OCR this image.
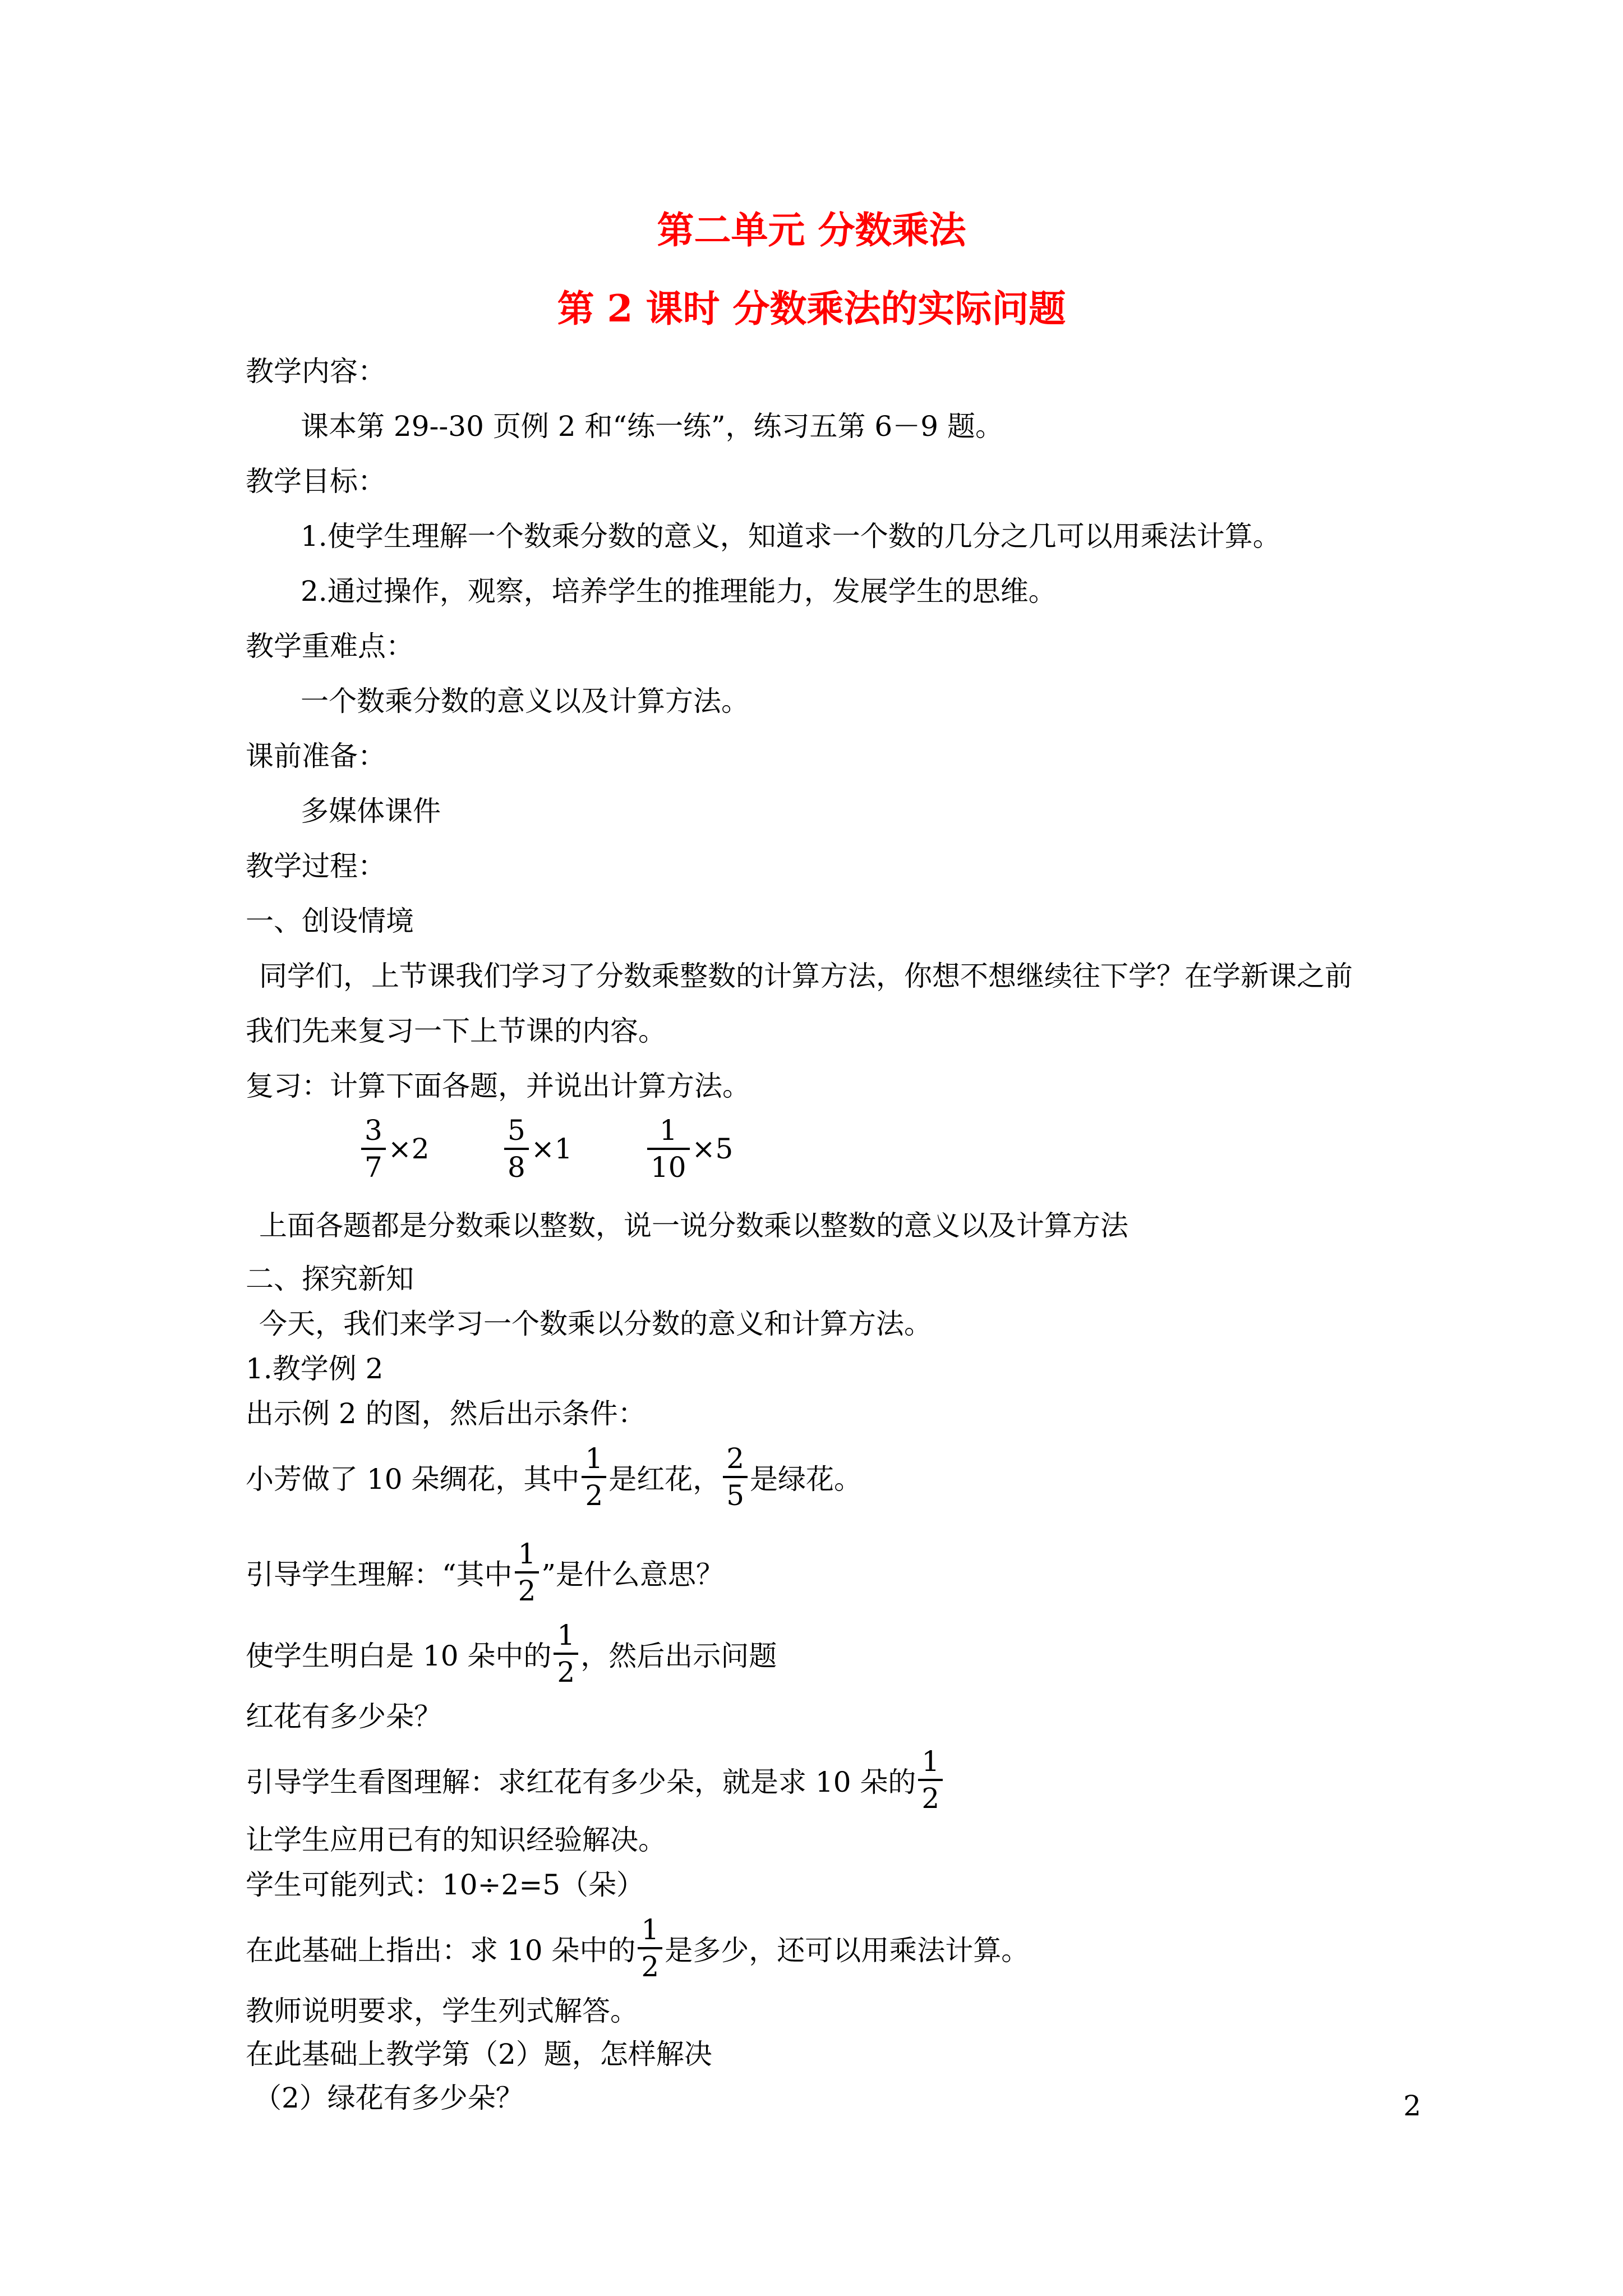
第二单元 分数乘法
第 2 课时 分数乘法的实际问题
教学内容：
课本第 29--30 页例 2 和“练一练”，练习五第 6－9 题。
教学目标：
1.使学生理解一个数乘分数的意义，知道求一个数的几分之几可以用乘法计算。
2.通过操作，观察，培养学生的推理能力，发展学生的思维。
教学重难点：
一个数乘分数的意义以及计算方法。
课前准备：
多媒体课件
教学过程：
一、创设情境
同学们，上节课我们学习了分数乘整数的计算方法，你想不想继续往下学？在学新课之前
我们先来复习一下上节课的内容。
复习：计算下面各题，并说出计算方法。
$\frac{3}{7} \times 2$	$\frac{5}{8} \times 1$	$\frac{1}{10} \times 5$
上面各题都是分数乘以整数，说一说分数乘以整数的意义以及计算方法
二、探究新知
今天，我们来学习一个数乘以分数的意义和计算方法。
1.教学例 2
出示例 2 的图，然后出示条件：
小芳做了 10 朵绸花，其中 $\frac{1}{2}$ 是红花， $\frac{2}{5}$ 是绿花。
引导学生理解：“其中 $\frac{1}{2}$ ”是什么意思？
使学生明白是 10 朵中的 $\frac{1}{2}$ ，然后出示问题
红花有多少朵？
引导学生看图理解：求红花有多少朵，就是求 10 朵的 $\frac{1}{2}$
让学生应用已有的知识经验解决。
学生可能列式：10÷2=5（朵）
在此基础上指出：求 10 朵中的 $\frac{1}{2}$ 是多少，还可以用乘法计算。
教师说明要求，学生列式解答。
在此基础上教学第（2）题，怎样解决
（2）绿花有多少朵？	2
